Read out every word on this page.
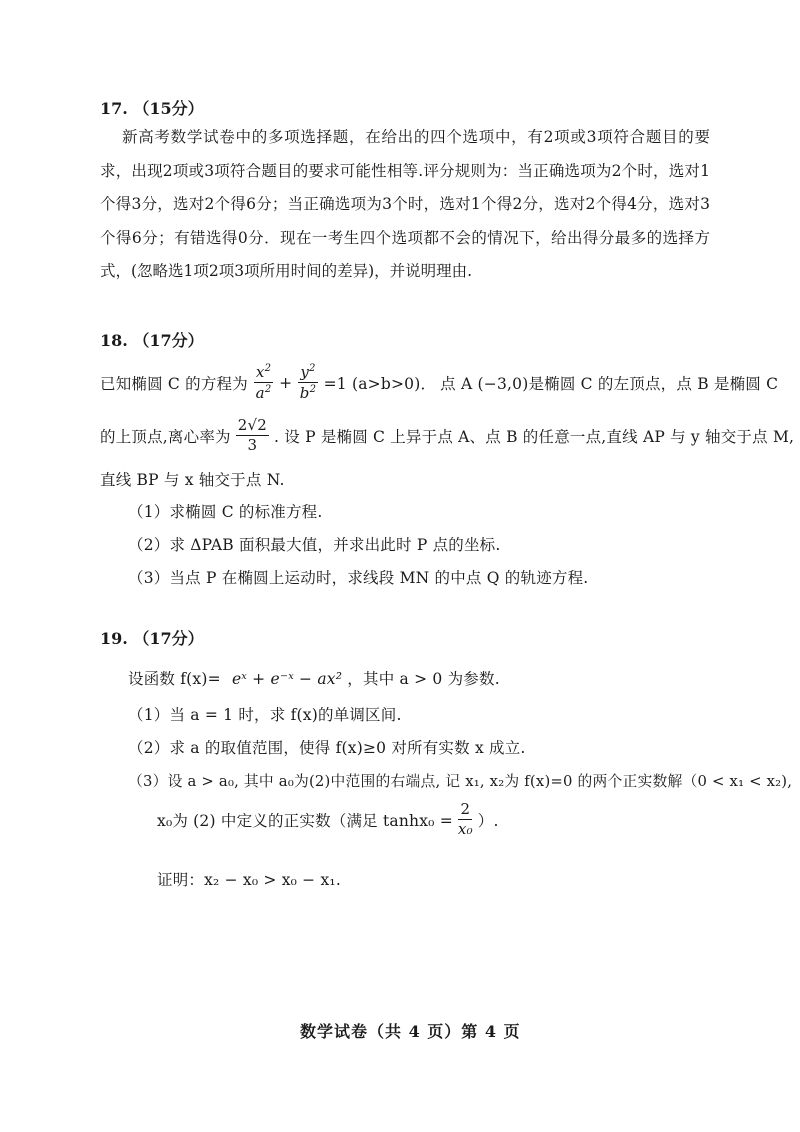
17. （15分）
新高考数学试卷中的多项选择题，在给出的四个选项中，有2项或3项符合题目的要求，出现2项或3项符合题目的要求可能性相等.评分规则为：当正确选项为2个时，选对1个得3分，选对2个得6分；当正确选项为3个时，选对1个得2分，选对2个得4分，选对3个得6分；有错选得0分．现在一考生四个选项都不会的情况下，给出得分最多的选择方式，(忽略选1项2项3项所用时间的差异)，并说明理由.
18. （17分）
已知椭圆 C 的方程为 $\frac{x^2}{a^2} + \frac{y^2}{b^2} =1$ (a>b>0)． 点 A (−3,0)是椭圆 C 的左顶点，点 B 是椭圆 C
的上顶点,离心率为 $\frac{2√2}{3}$ . 设 P 是椭圆 C 上异于点 A、点 B 的任意一点,直线 AP 与 y 轴交于点 M,
直线 BP 与 x 轴交于点 N.
（1）求椭圆 C 的标准方程.
（2）求 ΔPAB 面积最大值，并求出此时 P 点的坐标.
（3）当点 P 在椭圆上运动时，求线段 MN 的中点 Q 的轨迹方程.
19. （17分）
设函数 f(x)= eˣ + e⁻ˣ − ax² ，其中 a > 0 为参数.
（1）当 a = 1 时，求 f(x)的单调区间.
（2）求 a 的取值范围，使得 f(x)≥0 对所有实数 x 成立.
（3）设 a > a₀, 其中 a₀为(2)中范围的右端点, 记 x₁, x₂为 f(x)=0 的两个正实数解（0 < x₁ < x₂),
x₀为 (2) 中定义的正实数（满足 $\tanh x_0 = \frac{2}{\text{x₀}}$ ）.
证明：x₂ − x₀ > x₀ − x₁.
数学试卷（共 4 页）第 4 页
